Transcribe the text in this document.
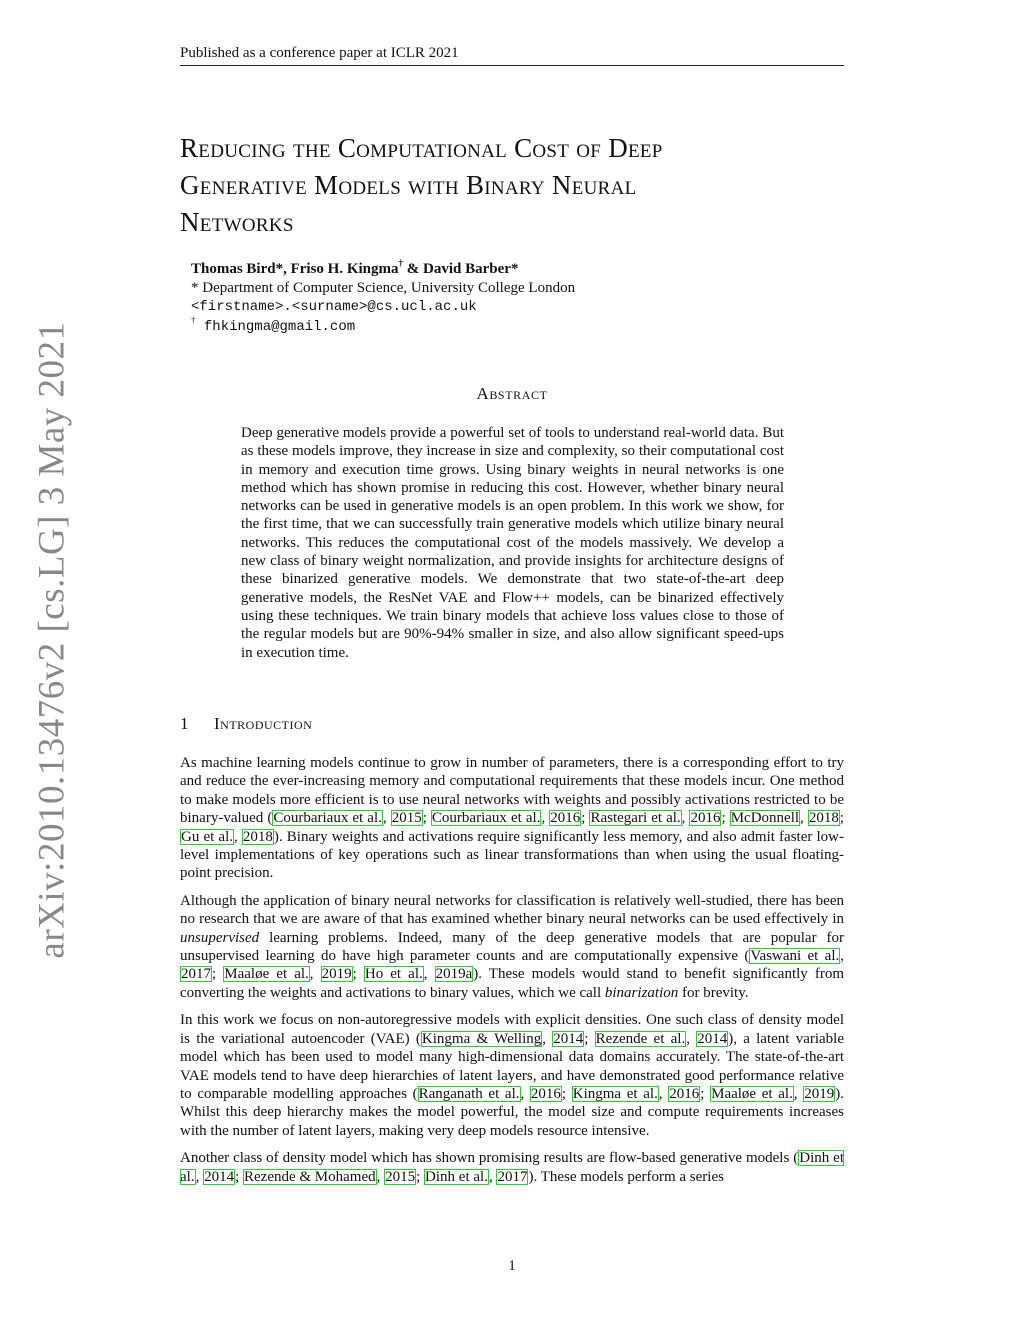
Published as a conference paper at ICLR 2021
arXiv:2010.13476v2 [cs.LG] 3 May 2021
Reducing the Computational Cost of Deep
Generative Models with Binary Neural
Networks
Thomas Bird*, Friso H. Kingma† & David Barber*
* Department of Computer Science, University College London
<firstname>.<surname>@cs.ucl.ac.uk
† fhkingma@gmail.com
Abstract
Deep generative models provide a powerful set of tools to understand real-world data. But as these models improve, they increase in size and complexity, so their computational cost in memory and execution time grows. Using binary weights in neural networks is one method which has shown promise in reducing this cost. However, whether binary neural networks can be used in generative models is an open problem. In this work we show, for the first time, that we can successfully train generative models which utilize binary neural networks. This reduces the computational cost of the models massively. We develop a new class of binary weight normalization, and provide insights for architecture designs of these binarized generative models. We demonstrate that two state-of-the-art deep generative models, the ResNet VAE and Flow++ models, can be binarized effectively using these techniques. We train binary models that achieve loss values close to those of the regular models but are 90%-94% smaller in size, and also allow significant speed-ups in execution time.
1 Introduction

As machine learning models continue to grow in number of parameters, there is a corresponding effort to try and reduce the ever-increasing memory and computational requirements that these models incur. One method to make models more efficient is to use neural networks with weights and possibly activations restricted to be binary-valued (Courbariaux et al., 2015; Courbariaux et al., 2016; Rastegari et al., 2016; McDonnell, 2018; Gu et al., 2018). Binary weights and activations require significantly less memory, and also admit faster low-level implementations of key operations such as linear transformations than when using the usual floating-point precision.

Although the application of binary neural networks for classification is relatively well-studied, there has been no research that we are aware of that has examined whether binary neural networks can be used effectively in unsupervised learning problems. Indeed, many of the deep generative models that are popular for unsupervised learning do have high parameter counts and are computationally expensive (Vaswani et al., 2017; Maaløe et al., 2019; Ho et al., 2019a). These models would stand to benefit significantly from converting the weights and activations to binary values, which we call binarization for brevity.

In this work we focus on non-autoregressive models with explicit densities. One such class of density model is the variational autoencoder (VAE) (Kingma & Welling, 2014; Rezende et al., 2014), a latent variable model which has been used to model many high-dimensional data domains accurately. The state-of-the-art VAE models tend to have deep hierarchies of latent layers, and have demonstrated good performance relative to comparable modelling approaches (Ranganath et al., 2016; Kingma et al., 2016; Maaløe et al., 2019). Whilst this deep hierarchy makes the model powerful, the model size and compute requirements increases with the number of latent layers, making very deep models resource intensive.

Another class of density model which has shown promising results are flow-based generative models (Dinh et al., 2014; Rezende & Mohamed, 2015; Dinh et al., 2017). These models perform a series

1
